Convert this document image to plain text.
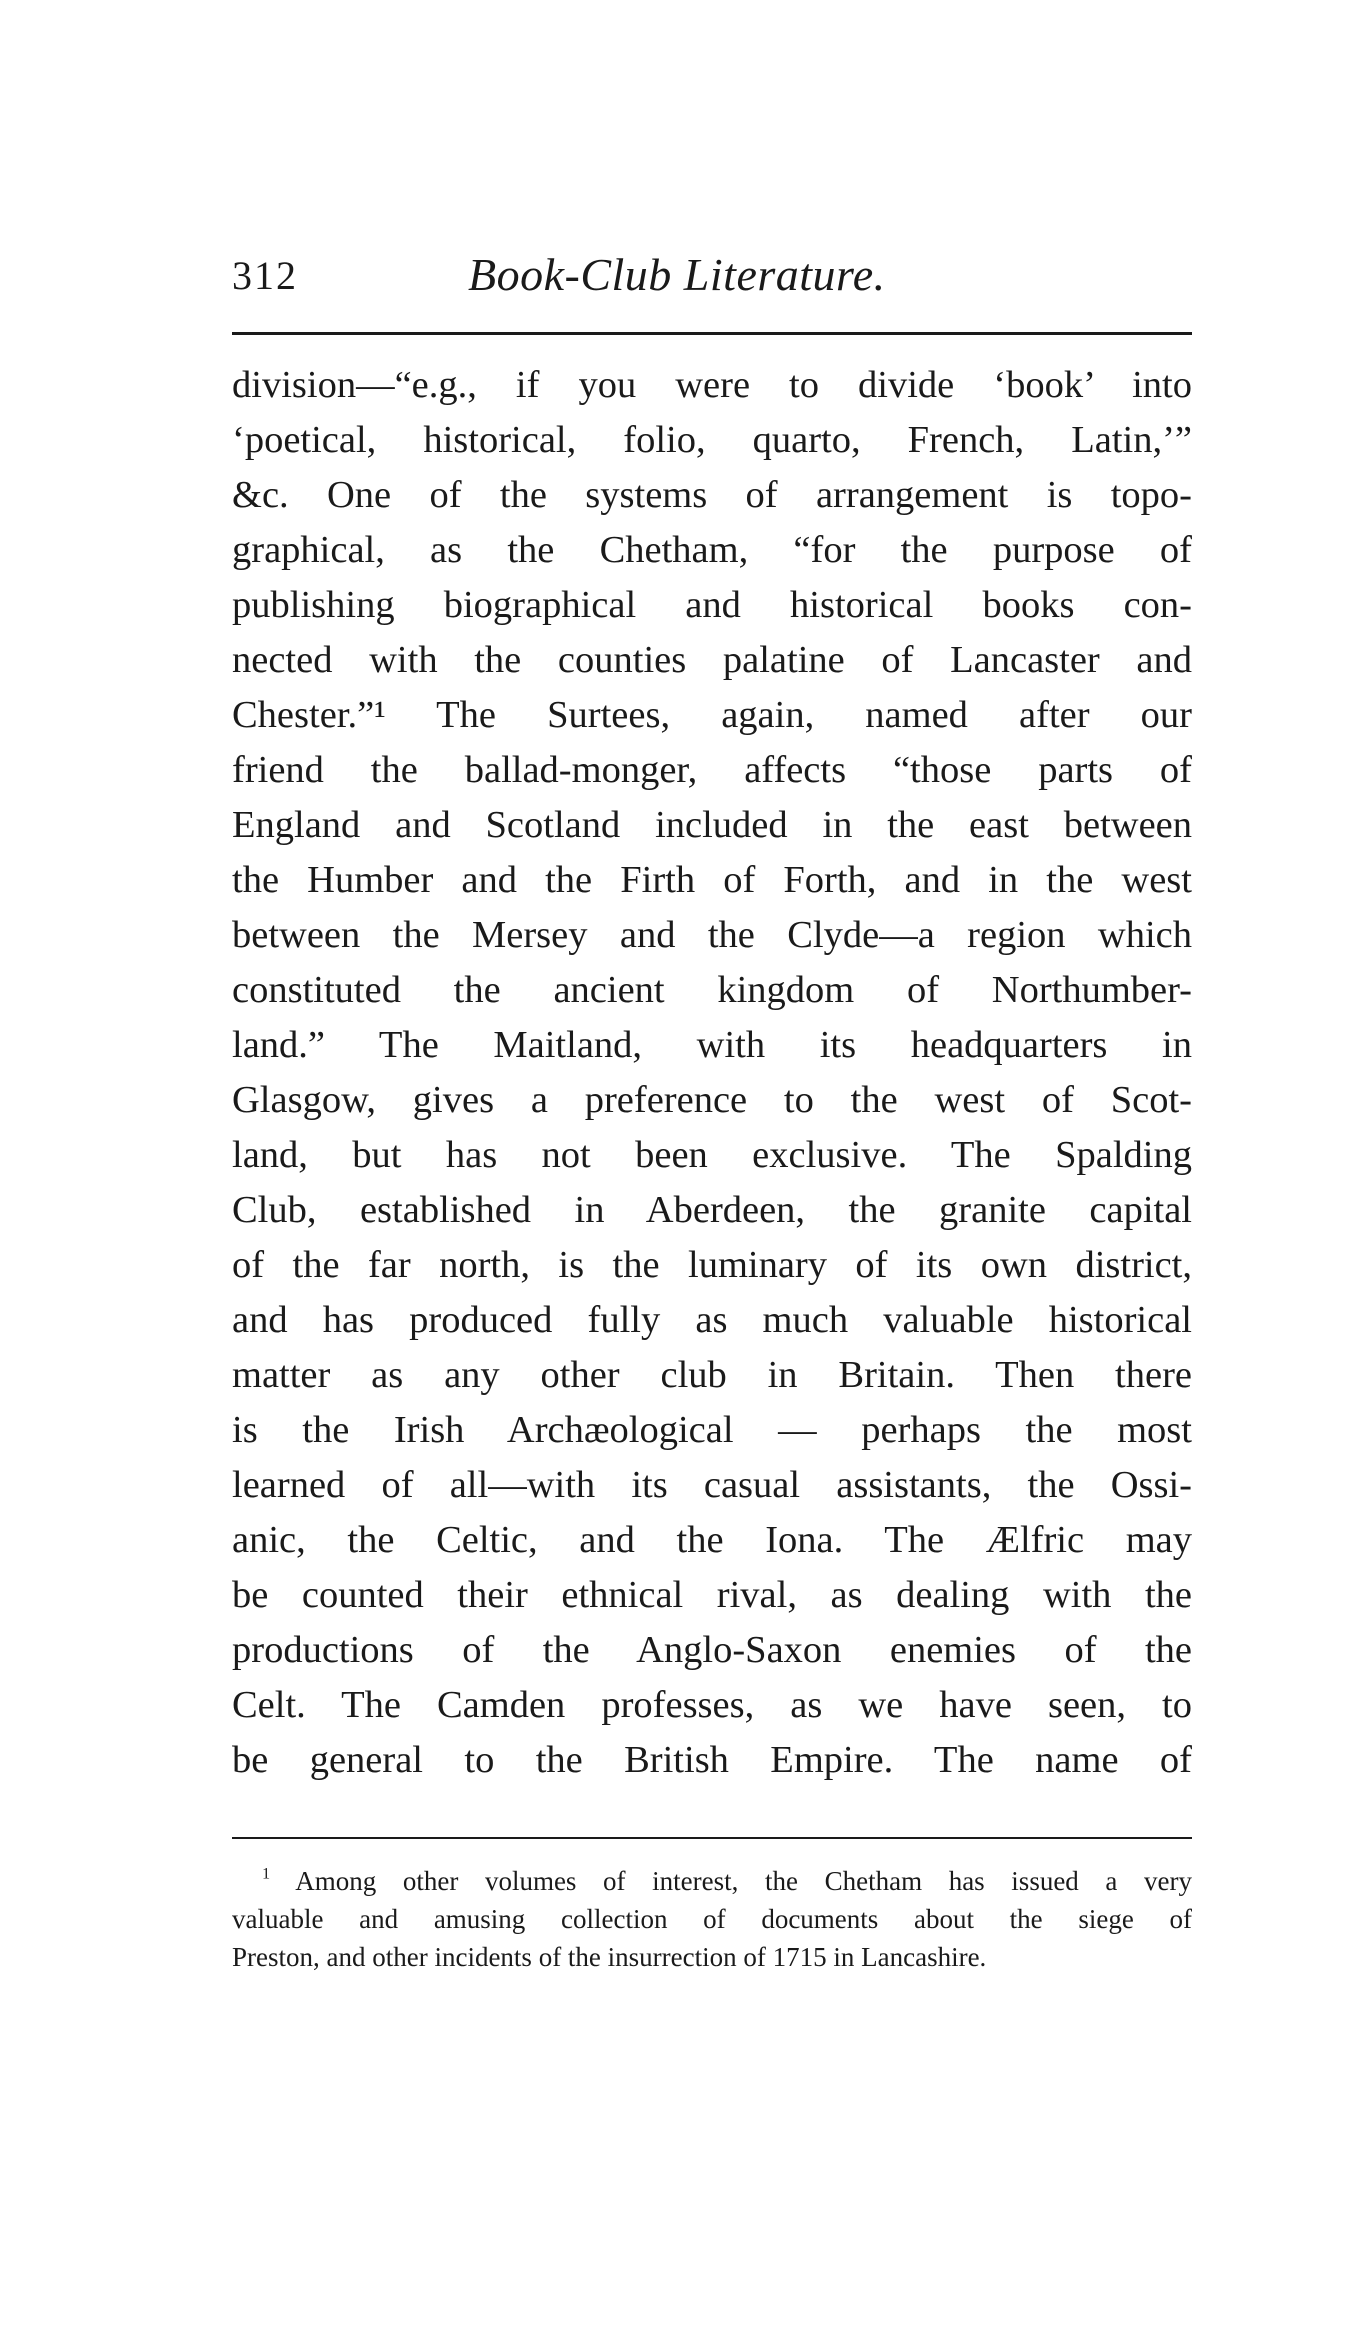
312	Book-Club Literature.
division—“e.g., if you were to divide ‘book’ into
‘poetical, historical, folio, quarto, French, Latin,’”
&c. One of the systems of arrangement is topo-
graphical, as the Chetham, “for the purpose of
publishing biographical and historical books con-
nected with the counties palatine of Lancaster and
Chester.”¹ The Surtees, again, named after our
friend the ballad-monger, affects “those parts of
England and Scotland included in the east between
the Humber and the Firth of Forth, and in the west
between the Mersey and the Clyde—a region which
constituted the ancient kingdom of Northumber-
land.” The Maitland, with its headquarters in
Glasgow, gives a preference to the west of Scot-
land, but has not been exclusive. The Spalding
Club, established in Aberdeen, the granite capital
of the far north, is the luminary of its own district,
and has produced fully as much valuable historical
matter as any other club in Britain. Then there
is the Irish Archæological — perhaps the most
learned of all—with its casual assistants, the Ossi-
anic, the Celtic, and the Iona. The Ælfric may
be counted their ethnical rival, as dealing with the
productions of the Anglo-Saxon enemies of the
Celt. The Camden professes, as we have seen, to
be general to the British Empire. The name of
$^1$ Among other volumes of interest, the Chetham has issued a very
valuable and amusing collection of documents about the siege of
Preston, and other incidents of the insurrection of 1715 in Lancashire.
